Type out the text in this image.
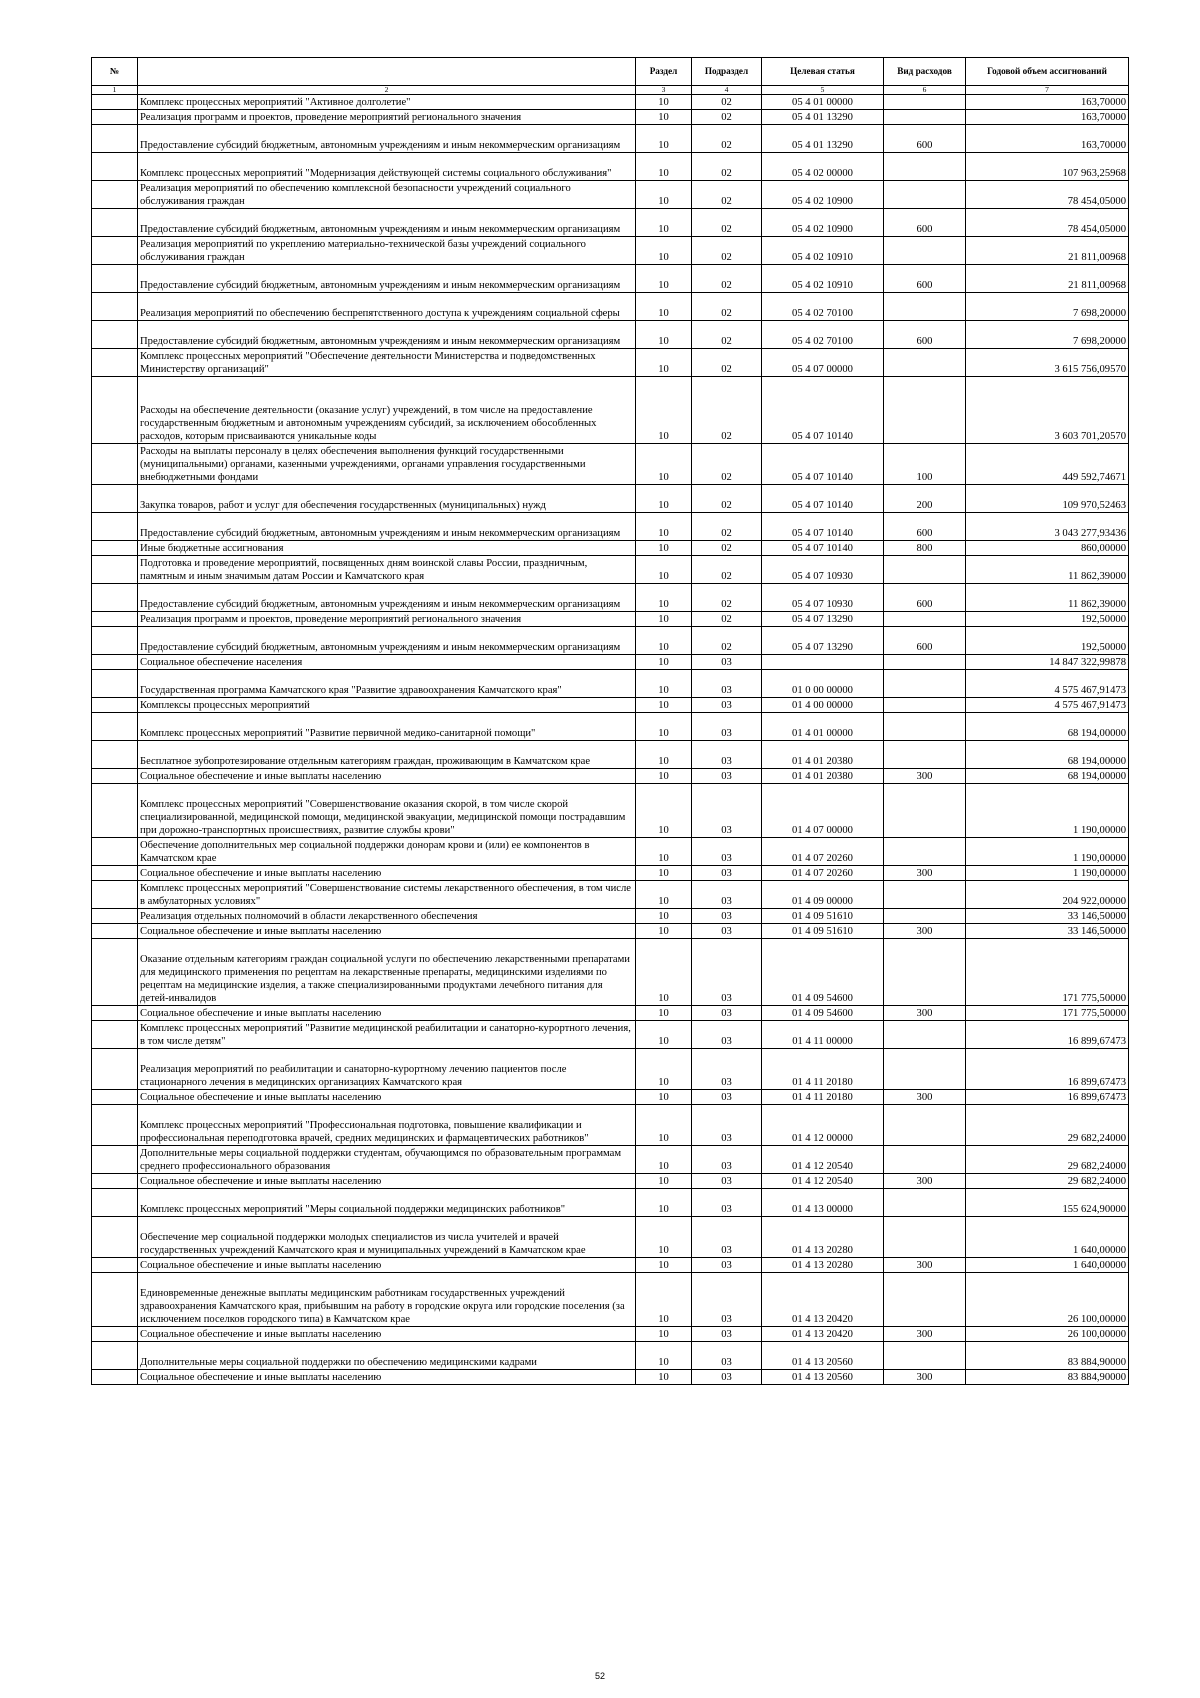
№		Раздел	Подраздел	Целевая статья	Вид расходов	Годовой объем ассигнований
1	2	3	4	5	6	7
	Комплекс процессных мероприятий "Активное долголетие"	10	02	05 4 01 00000		163,70000
	Реализация программ и проектов, проведение мероприятий регионального значения	10	02	05 4 01 13290		163,70000
	Предоставление субсидий бюджетным, автономным учреждениям и иным некоммерческим организациям	10	02	05 4 01 13290	600	163,70000
	Комплекс процессных мероприятий "Модернизация действующей системы социального обслуживания"	10	02	05 4 02 00000		107 963,25968
	Реализация мероприятий по обеспечению комплексной безопасности учреждений социального обслуживания граждан	10	02	05 4 02 10900		78 454,05000
	Предоставление субсидий бюджетным, автономным учреждениям и иным некоммерческим организациям	10	02	05 4 02 10900	600	78 454,05000
	Реализация мероприятий по укреплению материально-технической базы учреждений социального обслуживания граждан	10	02	05 4 02 10910		21 811,00968
	Предоставление субсидий бюджетным, автономным учреждениям и иным некоммерческим организациям	10	02	05 4 02 10910	600	21 811,00968
	Реализация мероприятий по обеспечению беспрепятственного доступа к учреждениям социальной сферы	10	02	05 4 02 70100		7 698,20000
	Предоставление субсидий бюджетным, автономным учреждениям и иным некоммерческим организациям	10	02	05 4 02 70100	600	7 698,20000
	Комплекс процессных мероприятий "Обеспечение деятельности Министерства и подведомственных Министерству организаций"	10	02	05 4 07 00000		3 615 756,09570
	Расходы на обеспечение деятельности (оказание услуг) учреждений, в том числе на предоставление государственным бюджетным и автономным учреждениям субсидий, за исключением обособленных расходов, которым присваиваются уникальные коды	10	02	05 4 07 10140		3 603 701,20570
	Расходы на выплаты персоналу в целях обеспечения выполнения функций государственными (муниципальными) органами, казенными учреждениями, органами управления государственными внебюджетными фондами	10	02	05 4 07 10140	100	449 592,74671
	Закупка товаров, работ и услуг для обеспечения государственных (муниципальных) нужд	10	02	05 4 07 10140	200	109 970,52463
	Предоставление субсидий бюджетным, автономным учреждениям и иным некоммерческим организациям	10	02	05 4 07 10140	600	3 043 277,93436
	Иные бюджетные ассигнования	10	02	05 4 07 10140	800	860,00000
	Подготовка и проведение мероприятий, посвященных дням воинской славы России, праздничным, памятным и иным значимым датам России и Камчатского края	10	02	05 4 07 10930		11 862,39000
	Предоставление субсидий бюджетным, автономным учреждениям и иным некоммерческим организациям	10	02	05 4 07 10930	600	11 862,39000
	Реализация программ и проектов, проведение мероприятий регионального значения	10	02	05 4 07 13290		192,50000
	Предоставление субсидий бюджетным, автономным учреждениям и иным некоммерческим организациям	10	02	05 4 07 13290	600	192,50000
	Социальное обеспечение населения	10	03			14 847 322,99878
	Государственная программа Камчатского края "Развитие здравоохранения Камчатского края"	10	03	01 0 00 00000		4 575 467,91473
	Комплексы процессных мероприятий	10	03	01 4 00 00000		4 575 467,91473
	Комплекс процессных мероприятий "Развитие первичной медико-санитарной помощи"	10	03	01 4 01 00000		68 194,00000
	Бесплатное зубопротезирование отдельным категориям граждан, проживающим в Камчатском крае	10	03	01 4 01 20380		68 194,00000
	Социальное обеспечение и иные выплаты населению	10	03	01 4 01 20380	300	68 194,00000
	Комплекс процессных мероприятий "Совершенствование оказания скорой, в том числе скорой специализированной, медицинской помощи, медицинской эвакуации, медицинской помощи пострадавшим при дорожно-транспортных происшествиях, развитие службы крови"	10	03	01 4 07 00000		1 190,00000
	Обеспечение дополнительных мер социальной поддержки донорам крови и (или) ее компонентов в Камчатском крае	10	03	01 4 07 20260		1 190,00000
	Социальное обеспечение и иные выплаты населению	10	03	01 4 07 20260	300	1 190,00000
	Комплекс процессных мероприятий "Совершенствование системы лекарственного обеспечения, в том числе в амбулаторных условиях"	10	03	01 4 09 00000		204 922,00000
	Реализация отдельных полномочий в области лекарственного обеспечения	10	03	01 4 09 51610		33 146,50000
	Социальное обеспечение и иные выплаты населению	10	03	01 4 09 51610	300	33 146,50000
	Оказание отдельным категориям граждан социальной услуги по обеспечению лекарственными препаратами для медицинского применения по рецептам на лекарственные препараты, медицинскими изделиями по рецептам на медицинские изделия, а также специализированными продуктами лечебного питания для детей-инвалидов	10	03	01 4 09 54600		171 775,50000
	Социальное обеспечение и иные выплаты населению	10	03	01 4 09 54600	300	171 775,50000
	Комплекс процессных мероприятий "Развитие медицинской реабилитации и санаторно-курортного лечения, в том числе детям"	10	03	01 4 11 00000		16 899,67473
	Реализация мероприятий по реабилитации и санаторно-курортному лечению пациентов после стационарного лечения в медицинских организациях Камчатского края	10	03	01 4 11 20180		16 899,67473
	Социальное обеспечение и иные выплаты населению	10	03	01 4 11 20180	300	16 899,67473
	Комплекс процессных мероприятий "Профессиональная подготовка, повышение квалификации и профессиональная переподготовка врачей, средних медицинских и фармацевтических работников"	10	03	01 4 12 00000		29 682,24000
	Дополнительные меры социальной поддержки студентам, обучающимся по образовательным программам среднего профессионального образования	10	03	01 4 12 20540		29 682,24000
	Социальное обеспечение и иные выплаты населению	10	03	01 4 12 20540	300	29 682,24000
	Комплекс процессных мероприятий "Меры социальной поддержки медицинских работников"	10	03	01 4 13 00000		155 624,90000
	Обеспечение мер социальной поддержки молодых специалистов из числа учителей и врачей государственных учреждений Камчатского края и муниципальных учреждений в Камчатском крае	10	03	01 4 13 20280		1 640,00000
	Социальное обеспечение и иные выплаты населению	10	03	01 4 13 20280	300	1 640,00000
	Единовременные денежные выплаты медицинским работникам государственных учреждений здравоохранения Камчатского края, прибывшим на работу в городские округа или городские поселения (за исключением поселков городского типа) в Камчатском крае	10	03	01 4 13 20420		26 100,00000
	Социальное обеспечение и иные выплаты населению	10	03	01 4 13 20420	300	26 100,00000
	Дополнительные меры социальной поддержки по обеспечению медицинскими кадрами	10	03	01 4 13 20560		83 884,90000
	Социальное обеспечение и иные выплаты населению	10	03	01 4 13 20560	300	83 884,90000
52
